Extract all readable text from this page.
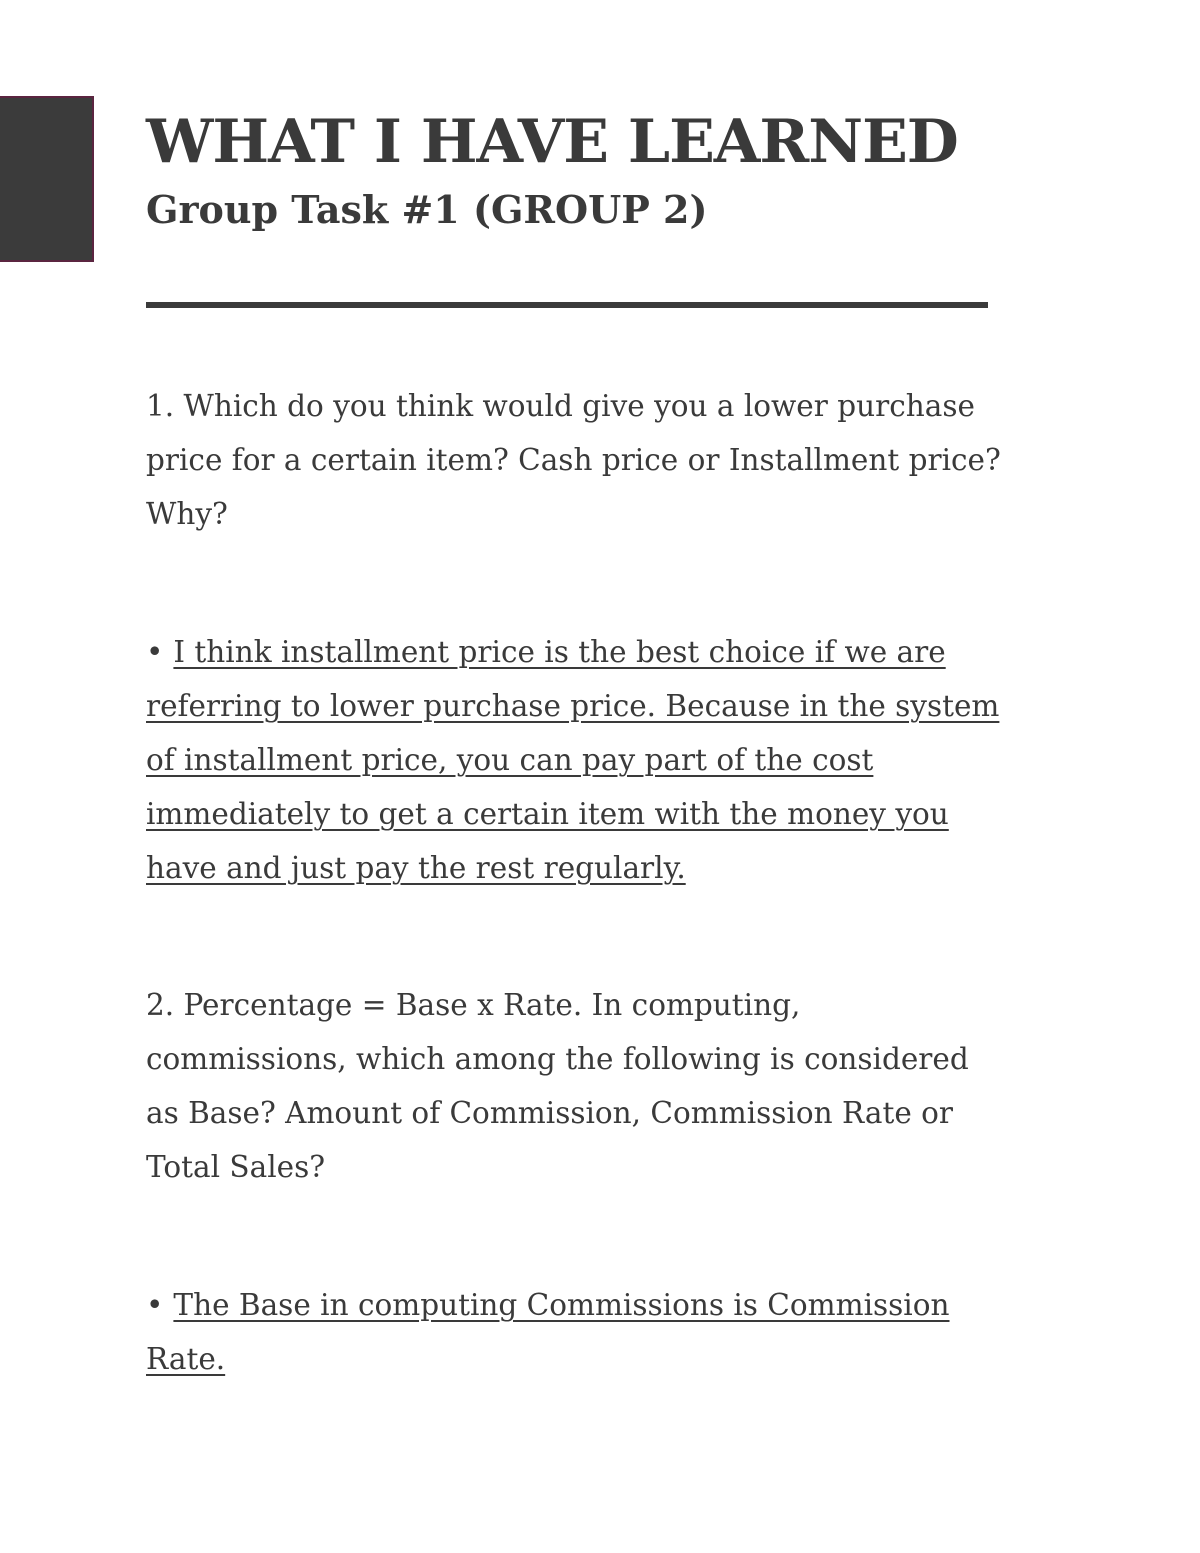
WHAT I HAVE LEARNED
Group Task #1 (GROUP 2)

1. Which do you think would give you a lower purchase price for a certain item? Cash price or Installment price? Why?

• I think installment price is the best choice if we are referring to lower purchase price. Because in the system of installment price, you can pay part of the cost immediately to get a certain item with the money you have and just pay the rest regularly.

2. Percentage = Base x Rate. In computing, commissions, which among the following is considered as Base? Amount of Commission, Commission Rate or Total Sales?

• The Base in computing Commissions is Commission Rate.
